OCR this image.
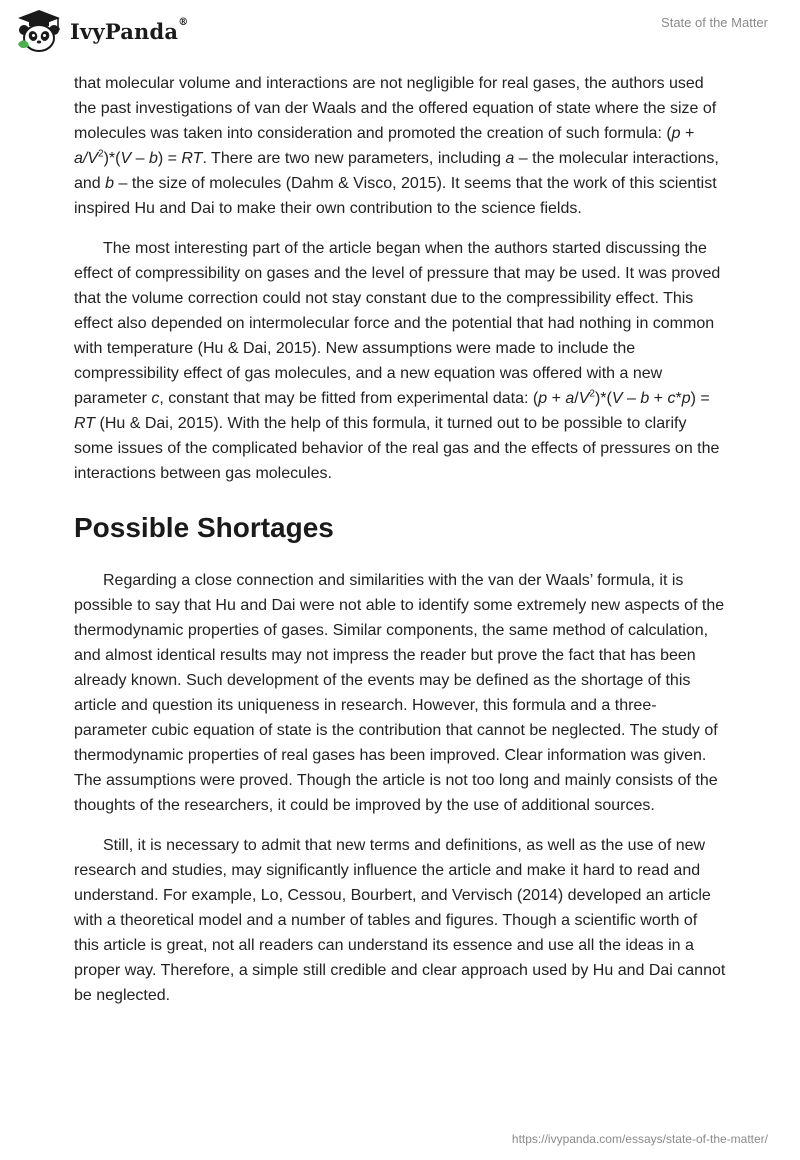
IvyPanda®	State of the Matter

that molecular volume and interactions are not negligible for real gases, the authors used the past investigations of van der Waals and the offered equation of state where the size of molecules was taken into consideration and promoted the creation of such formula: $(p + a/V^2)*(V - b)$ = RT. There are two new parameters, including a – the molecular interactions, and b – the size of molecules (Dahm & Visco, 2015). It seems that the work of this scientist inspired Hu and Dai to make their own contribution to the science fields.

The most interesting part of the article began when the authors started discussing the effect of compressibility on gases and the level of pressure that may be used. It was proved that the volume correction could not stay constant due to the compressibility effect. This effect also depended on intermolecular force and the potential that had nothing in common with temperature (Hu & Dai, 2015). New assumptions were made to include the compressibility effect of gas molecules, and a new equation was offered with a new parameter c, constant that may be fitted from experimental data: $(p + a/V^2)*(V - b + c*p)$ = RT (Hu & Dai, 2015). With the help of this formula, it turned out to be possible to clarify some issues of the complicated behavior of the real gas and the effects of pressures on the interactions between gas molecules.

Possible Shortages

Regarding a close connection and similarities with the van der Waals’ formula, it is possible to say that Hu and Dai were not able to identify some extremely new aspects of the thermodynamic properties of gases. Similar components, the same method of calculation, and almost identical results may not impress the reader but prove the fact that has been already known. Such development of the events may be defined as the shortage of this article and question its uniqueness in research. However, this formula and a three-parameter cubic equation of state is the contribution that cannot be neglected. The study of thermodynamic properties of real gases has been improved. Clear information was given. The assumptions were proved. Though the article is not too long and mainly consists of the thoughts of the researchers, it could be improved by the use of additional sources.

Still, it is necessary to admit that new terms and definitions, as well as the use of new research and studies, may significantly influence the article and make it hard to read and understand. For example, Lo, Cessou, Bourbert, and Vervisch (2014) developed an article with a theoretical model and a number of tables and figures. Though a scientific worth of this article is great, not all readers can understand its essence and use all the ideas in a proper way. Therefore, a simple still credible and clear approach used by Hu and Dai cannot be neglected.

https://ivypanda.com/essays/state-of-the-matter/
